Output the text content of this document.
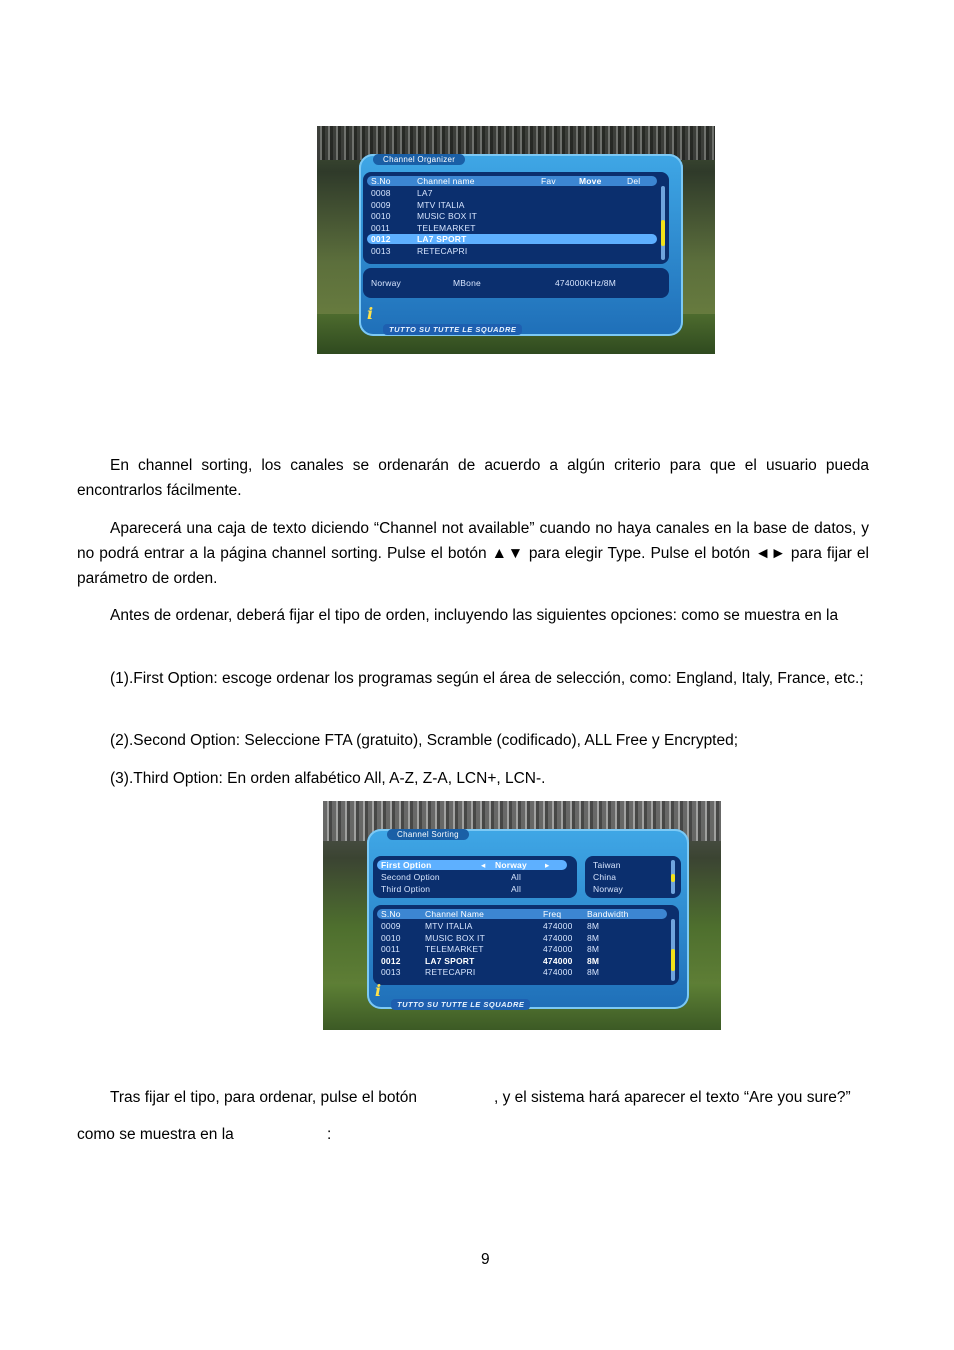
Channel Organizer
S.No	Channel name	Fav	Move	Del
0008	LA7
0009	MTV ITALIA
0010	MUSIC BOX IT
0011	TELEMARKET
0012	LA7 SPORT
0013	RETECAPRI
Norway	MBone	474000KHz/8M
i
TUTTO SU TUTTE LE SQUADRE

En channel sorting, los canales se ordenarán de acuerdo a algún criterio para que el usuario pueda encontrarlos fácilmente.

Aparecerá una caja de texto diciendo “Channel not available” cuando no haya canales en la base de datos, y no podrá entrar a la página channel sorting. Pulse el botón ▲▼ para elegir Type. Pulse el botón ◄► para fijar el parámetro de orden.

Antes de ordenar, deberá fijar el tipo de orden, incluyendo las siguientes opciones: como se muestra en la

(1).First Option: escoge ordenar los programas según el área de selección, como: England, Italy, France, etc.;

(2).Second Option: Seleccione FTA (gratuito), Scramble (codificado), ALL Free y Encrypted;

(3).Third Option: En orden alfabético All, A-Z, Z-A, LCN+, LCN-.

Channel Sorting
First Option	◂ Norway ▸
Second Option	All
Third Option	All
Taiwan
China
Norway
S.No	Channel Name	Freq	Bandwidth
0009	MTV ITALIA	474000 8M
0010	MUSIC BOX IT	474000 8M
0011	TELEMARKET	474000 8M
0012	LA7 SPORT	474000 8M
0013	RETECAPRI	474000 8M
i
TUTTO SU TUTTE LE SQUADRE

Tras fijar el tipo, para ordenar, pulse el botón	, y el sistema hará aparecer el texto “Are you sure?”

como se muestra en la	:

9
